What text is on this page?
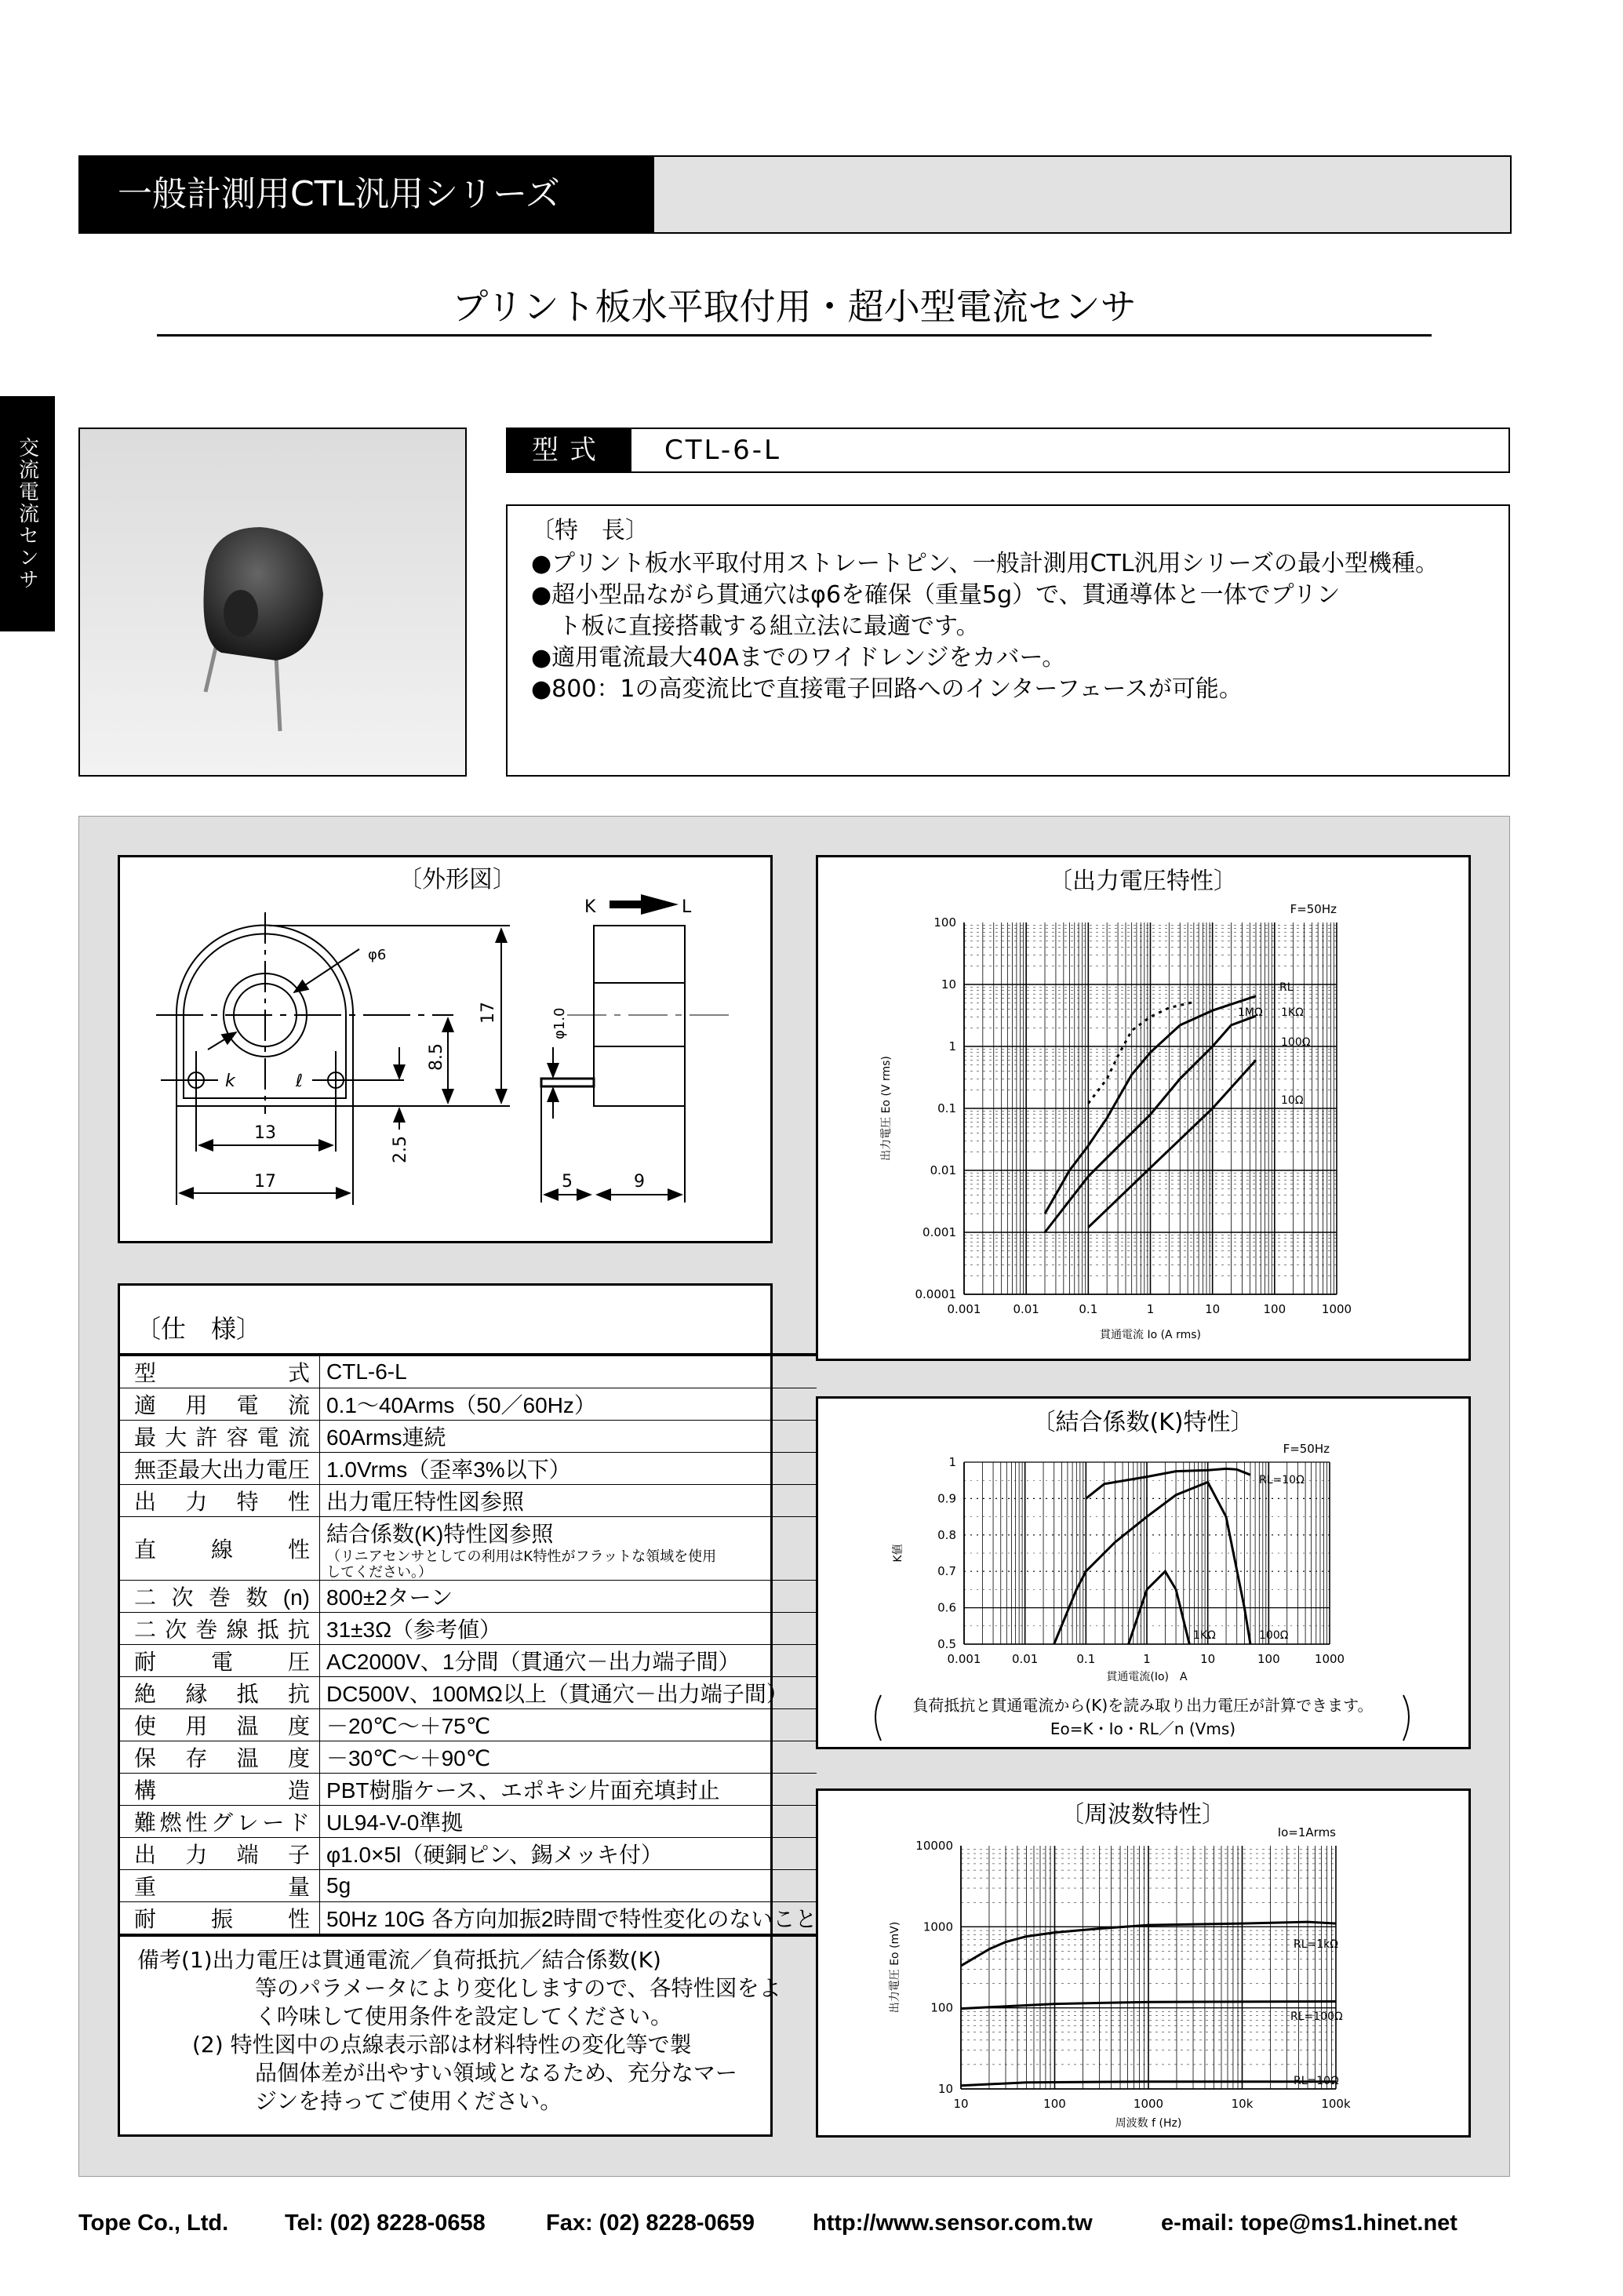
一般計測用CTL汎用シリーズ
プリント板水平取付用・超小型電流センサ
交流電流センサ	型式	CTL-6-L
〔特　長〕
●プリント板水平取付用ストレートピン、一般計測用CTL汎用シリーズの最小型機種。
●超小型品ながら貫通穴はφ6を確保（重量5g）で、貫通導体と一体でプリン
ト板に直接搭載する組立法に最適です。
●適用電流最大40Aまでのワイドレンジをカバー。
●800：1の高変流比で直接電子回路へのインターフェースが可能。
〔外形図〕
K	L
k	ℓ
φ6
φ1.0
17
8.5
2.5
13
17	5	9
〔仕　様〕
型式	CTL-6-L
適用電流	0.1～40Arms（50／60Hz）
最大許容電流	60Arms連続
無歪最大出力電圧	1.0Vrms（歪率3%以下）
出力特性	出力電圧特性図参照
直線性	結合係数(K)特性図参照
（リニアセンサとしての利用はK特性がフラットな領域を使用
してください。）

二次巻数(n)	800±2ターン
二次巻線抵抗	31±3Ω（参考値）
耐電圧	AC2000V、1分間（貫通穴－出力端子間）
絶縁抵抗	DC500V、100MΩ以上（貫通穴－出力端子間）
使用温度	－20℃～＋75℃
保存温度	－30℃～＋90℃
構造	PBT樹脂ケース、エポキシ片面充填封止
難燃性グレード	UL94-V-0準拠
出力端子	φ1.0×5l（硬銅ピン、錫メッキ付）
重量	5g
耐振性	50Hz 10G 各方向加振2時間で特性変化のないこと
備考(1)出力電圧は貫通電流／負荷抵抗／結合係数(K)
等のパラメータにより変化しますので、各特性図をよ
く吟味して使用条件を設定してください。
(2) 特性図中の点線表示部は材料特性の変化等で製
品個体差が出やすい領域となるため、充分なマー
ジンを持ってご使用ください。
〔出力電圧特性〕
F=50Hz
0.001	0.01	0.1	1	10	100	1000
0.0001
0.001
0.01
0.1
1
10
100
貫通電流 Io (A rms)
出力電圧 Eo (V rms)
1MΩ 1KΩ
100Ω
10Ω
RL
〔結合係数(K)特性〕
F=50Hz
0.001	0.01	0.1	1	10	100	1000
0.5
0.6
0.7
0.8
0.9
1
貫通電流(Io)　A
K値
RL=10Ω
100Ω
1KΩ
負荷抵抗と貫通電流から(K)を読み取り出力電圧が計算できます。
Eo=K・Io・RL／n (Vms)
〔周波数特性〕
Io=1Arms
10	100	1000	10k	100k
10
100
1000
10000
周波数 f (Hz)
出力電圧 Eo (mV)	RL=1kΩ
RL=100Ω
RL=10Ω
Tope Co., Ltd. Tel: (02) 8228-0658	Fax: (02) 8228-0659	http://www.sensor.com.tw	e-mail: tope@ms1.hinet.net
